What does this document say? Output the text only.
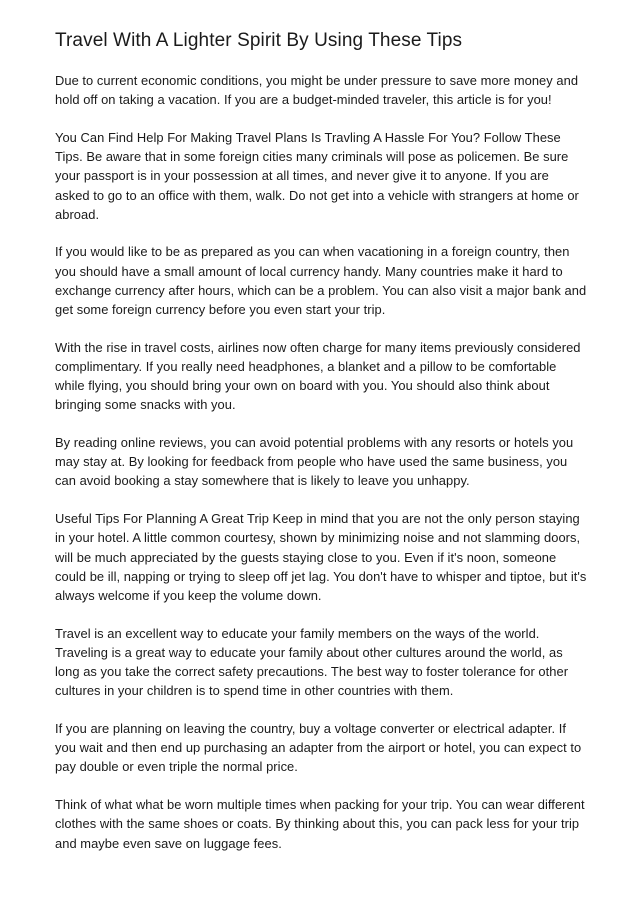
Travel With A Lighter Spirit By Using These Tips

Due to current economic conditions, you might be under pressure to save more money and hold off on taking a vacation. If you are a budget-minded traveler, this article is for you!

You Can Find Help For Making Travel Plans Is Travling A Hassle For You? Follow These Tips. Be aware that in some foreign cities many criminals will pose as policemen. Be sure your passport is in your possession at all times, and never give it to anyone. If you are asked to go to an office with them, walk. Do not get into a vehicle with strangers at home or abroad.

If you would like to be as prepared as you can when vacationing in a foreign country, then you should have a small amount of local currency handy. Many countries make it hard to exchange currency after hours, which can be a problem. You can also visit a major bank and get some foreign currency before you even start your trip.

With the rise in travel costs, airlines now often charge for many items previously considered complimentary. If you really need headphones, a blanket and a pillow to be comfortable while flying, you should bring your own on board with you. You should also think about bringing some snacks with you.

By reading online reviews, you can avoid potential problems with any resorts or hotels you may stay at. By looking for feedback from people who have used the same business, you can avoid booking a stay somewhere that is likely to leave you unhappy.

Useful Tips For Planning A Great Trip Keep in mind that you are not the only person staying in your hotel. A little common courtesy, shown by minimizing noise and not slamming doors, will be much appreciated by the guests staying close to you. Even if it's noon, someone could be ill, napping or trying to sleep off jet lag. You don't have to whisper and tiptoe, but it's always welcome if you keep the volume down.

Travel is an excellent way to educate your family members on the ways of the world. Traveling is a great way to educate your family about other cultures around the world, as long as you take the correct safety precautions. The best way to foster tolerance for other cultures in your children is to spend time in other countries with them.

If you are planning on leaving the country, buy a voltage converter or electrical adapter. If you wait and then end up purchasing an adapter from the airport or hotel, you can expect to pay double or even triple the normal price.

Think of what what be worn multiple times when packing for your trip. You can wear different clothes with the same shoes or coats. By thinking about this, you can pack less for your trip and maybe even save on luggage fees.
